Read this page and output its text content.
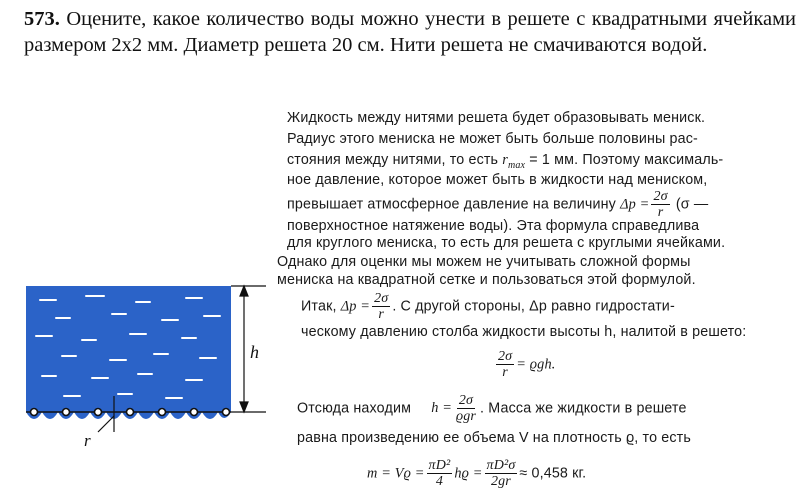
573. Оцените, какое количество воды можно унести в решете с квадратными ячейками размером 2х2 мм. Диаметр решета 20 см. Нити решета не смачиваются водой.

Жидкость между нитями решета будет образовывать мениск.
Радиус этого мениска не может быть больше половины рас-
стояния между нитями, то есть $r_{max} = 1$ мм. Поэтому максималь-
ное давление, которое может быть в жидкости над мениском,
превышает атмосферное давление на величину $\Delta p = \frac{2\sigma}{r} (\sigma$ —
поверхностное натяжение воды). Эта формула справедлива
для круглого мениска, то есть для решета с круглыми ячейками.
Однако для оценки мы можем не учитывать сложной формы
мениска на квадратной сетке и пользоваться этой формулой.
Итак, $\Delta p = \frac{2\sigma}{r}$ . С другой стороны, Δp равно гидростати-
ческому давлению столба жидкости высоты h, налитой в решето:
$\frac{2\sigma}{r} = ϱgh$.
Отсюда находим $h = \frac{2\sigma}{\text{ϱgr}}$ . Масса же жидкости в решете
равна произведению ее объема V на плотность ϱ, то есть
$m = Vϱ = \frac{\text{πD²}}{4}$ $hϱ = \frac{\text{πD²σ}}{2gr} \approx 0,458$ кг.
h
r
